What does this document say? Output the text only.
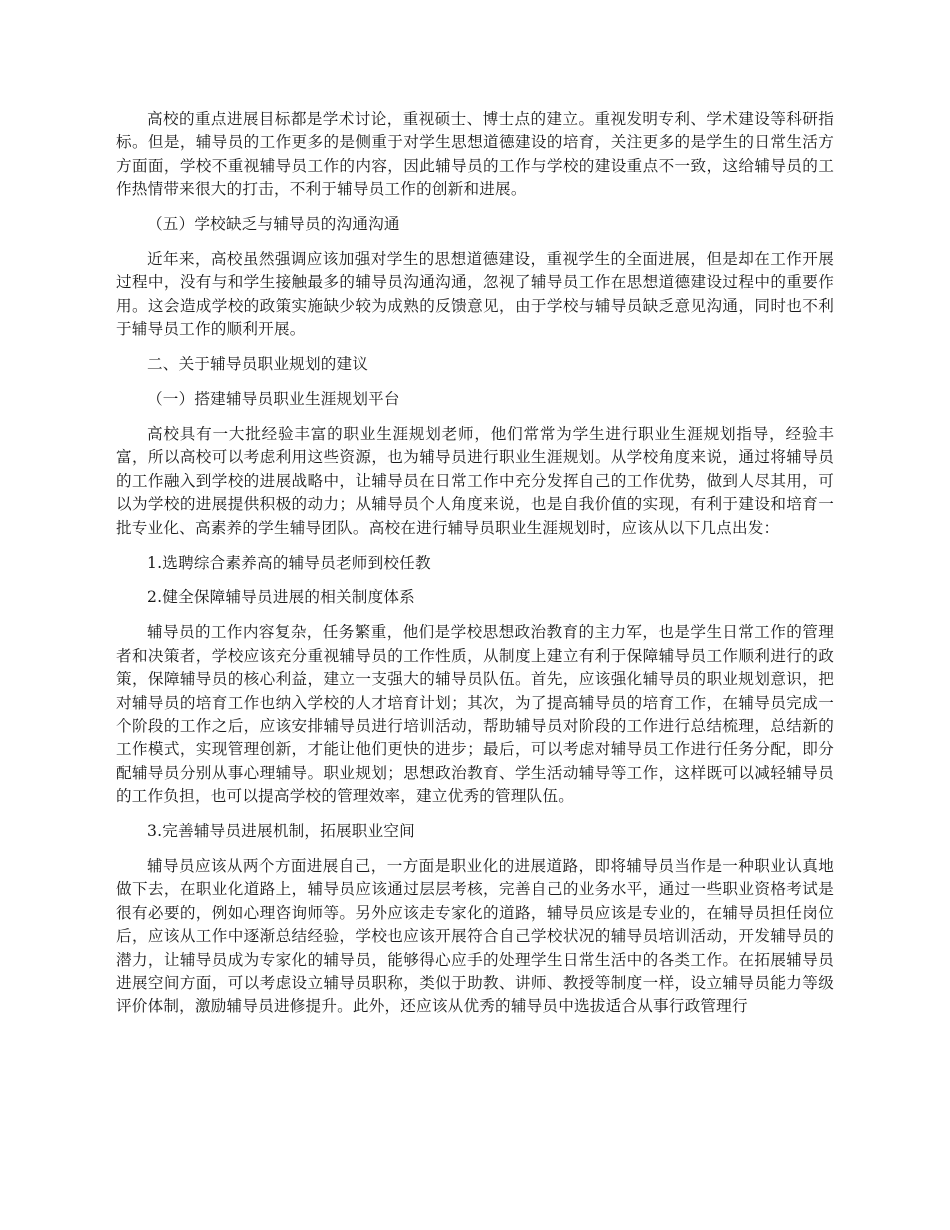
高校的重点进展目标都是学术讨论，重视硕士、博士点的建立。重视发明专利、学术建设等科研指标。但是，辅导员的工作更多的是侧重于对学生思想道德建设的培育，关注更多的是学生的日常生活方方面面，学校不重视辅导员工作的内容，因此辅导员的工作与学校的建设重点不一致，这给辅导员的工作热情带来很大的打击，不利于辅导员工作的创新和进展。

（五）学校缺乏与辅导员的沟通沟通

近年来，高校虽然强调应该加强对学生的思想道德建设，重视学生的全面进展，但是却在工作开展过程中，没有与和学生接触最多的辅导员沟通沟通，忽视了辅导员工作在思想道德建设过程中的重要作用。这会造成学校的政策实施缺少较为成熟的反馈意见，由于学校与辅导员缺乏意见沟通，同时也不利于辅导员工作的顺利开展。

二、关于辅导员职业规划的建议

（一）搭建辅导员职业生涯规划平台

高校具有一大批经验丰富的职业生涯规划老师，他们常常为学生进行职业生涯规划指导，经验丰富，所以高校可以考虑利用这些资源，也为辅导员进行职业生涯规划。从学校角度来说，通过将辅导员的工作融入到学校的进展战略中，让辅导员在日常工作中充分发挥自己的工作优势，做到人尽其用，可以为学校的进展提供积极的动力；从辅导员个人角度来说，也是自我价值的实现，有利于建设和培育一批专业化、高素养的学生辅导团队。高校在进行辅导员职业生涯规划时，应该从以下几点出发：

1.选聘综合素养高的辅导员老师到校任教

2.健全保障辅导员进展的相关制度体系

辅导员的工作内容复杂，任务繁重，他们是学校思想政治教育的主力军，也是学生日常工作的管理者和决策者，学校应该充分重视辅导员的工作性质，从制度上建立有利于保障辅导员工作顺利进行的政策，保障辅导员的核心利益，建立一支强大的辅导员队伍。首先，应该强化辅导员的职业规划意识，把对辅导员的培育工作也纳入学校的人才培育计划；其次，为了提高辅导员的培育工作，在辅导员完成一个阶段的工作之后，应该安排辅导员进行培训活动，帮助辅导员对阶段的工作进行总结梳理，总结新的工作模式，实现管理创新，才能让他们更快的进步；最后，可以考虑对辅导员工作进行任务分配，即分配辅导员分别从事心理辅导。职业规划；思想政治教育、学生活动辅导等工作，这样既可以减轻辅导员的工作负担，也可以提高学校的管理效率，建立优秀的管理队伍。

3.完善辅导员进展机制，拓展职业空间

辅导员应该从两个方面进展自己，一方面是职业化的进展道路，即将辅导员当作是一种职业认真地做下去，在职业化道路上，辅导员应该通过层层考核，完善自己的业务水平，通过一些职业资格考试是很有必要的，例如心理咨询师等。另外应该走专家化的道路，辅导员应该是专业的，在辅导员担任岗位后，应该从工作中逐渐总结经验，学校也应该开展符合自己学校状况的辅导员培训活动，开发辅导员的潜力，让辅导员成为专家化的辅导员，能够得心应手的处理学生日常生活中的各类工作。在拓展辅导员进展空间方面，可以考虑设立辅导员职称，类似于助教、讲师、教授等制度一样，设立辅导员能力等级评价体制，激励辅导员进修提升。此外，还应该从优秀的辅导员中选拔适合从事行政管理行
